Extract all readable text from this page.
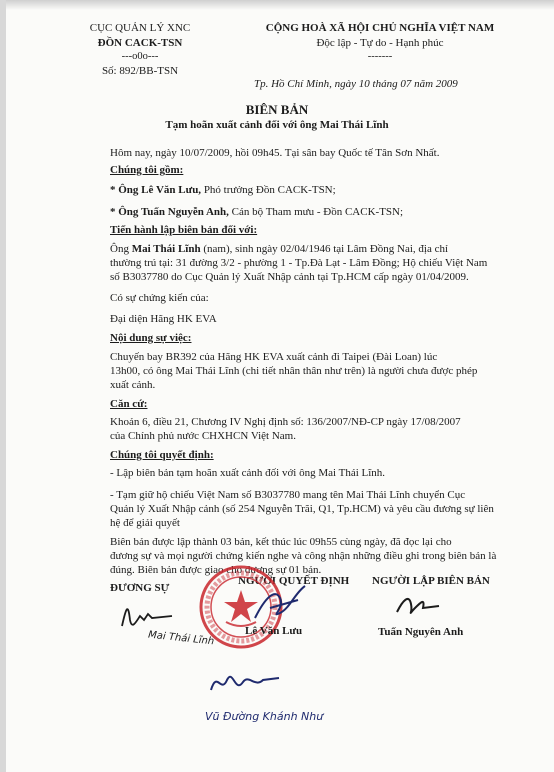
CỤC QUẢN LÝ XNC
ĐỒN CACK-TSN
---o0o---
Số: 892/BB-TSN
CỘNG HOÀ XÃ HỘI CHỦ NGHĨA VIỆT NAM
Độc lập - Tự do - Hạnh phúc
-------
Tp. Hồ Chí Minh, ngày 10 tháng 07 năm 2009
BIÊN BẢN
Tạm hoãn xuất cảnh đối với ông Mai Thái Lĩnh
Hôm nay, ngày 10/07/2009, hồi 09h45. Tại sân bay Quốc tế Tân Sơn Nhất.
Chúng tôi gồm:
* Ông Lê Văn Lưu, Phó trưởng Đồn CACK-TSN;
* Ông Tuấn Nguyễn Anh, Cán bộ Tham mưu - Đồn CACK-TSN;
Tiến hành lập biên bản đối với:
Ông Mai Thái Lĩnh (nam), sinh ngày 02/04/1946 tại Lâm Đồng Nai, địa chỉ
thường trú tại: 31 đường 3/2 - phường 1 - Tp.Đà Lạt - Lâm Đồng; Hộ chiếu Việt Nam
số B3037780 do Cục Quản lý Xuất Nhập cảnh tại Tp.HCM cấp ngày 01/04/2009.
Có sự chứng kiến của:
Đại diện Hãng HK EVA
Nội dung sự việc:
Chuyến bay BR392 của Hãng HK EVA xuất cảnh đi Taipei (Đài Loan) lúc
13h00, có ông Mai Thái Lĩnh (chi tiết nhân thân như trên) là người chưa được phép
xuất cảnh.
Căn cứ:
Khoản 6, điều 21, Chương IV Nghị định số: 136/2007/NĐ-CP ngày 17/08/2007
của Chính phủ nước CHXHCN Việt Nam.
Chúng tôi quyết định:
- Lập biên bản tạm hoãn xuất cảnh đối với ông Mai Thái Lĩnh.
- Tạm giữ hộ chiếu Việt Nam số B3037780 mang tên Mai Thái Lĩnh chuyển Cục
Quản lý Xuất Nhập cảnh (số 254 Nguyễn Trãi, Q1, Tp.HCM) và yêu cầu đương sự liên
hệ để giải quyết
Biên bản được lập thành 03 bản, kết thúc lúc 09h55 cùng ngày, đã đọc lại cho
đương sự và mọi người chứng kiến nghe và công nhận những điều ghi trong biên bản là
đúng. Biên bản được giao cho đương sự 01 bản.
ĐƯƠNG SỰ
NGƯỜI QUYẾT ĐỊNH NGƯỜI LẬP BIÊN BẢN
Lê Văn Lưu	Tuấn Nguyên Anh
Mai Thái Lĩnh
Vũ Đường Khánh Như
